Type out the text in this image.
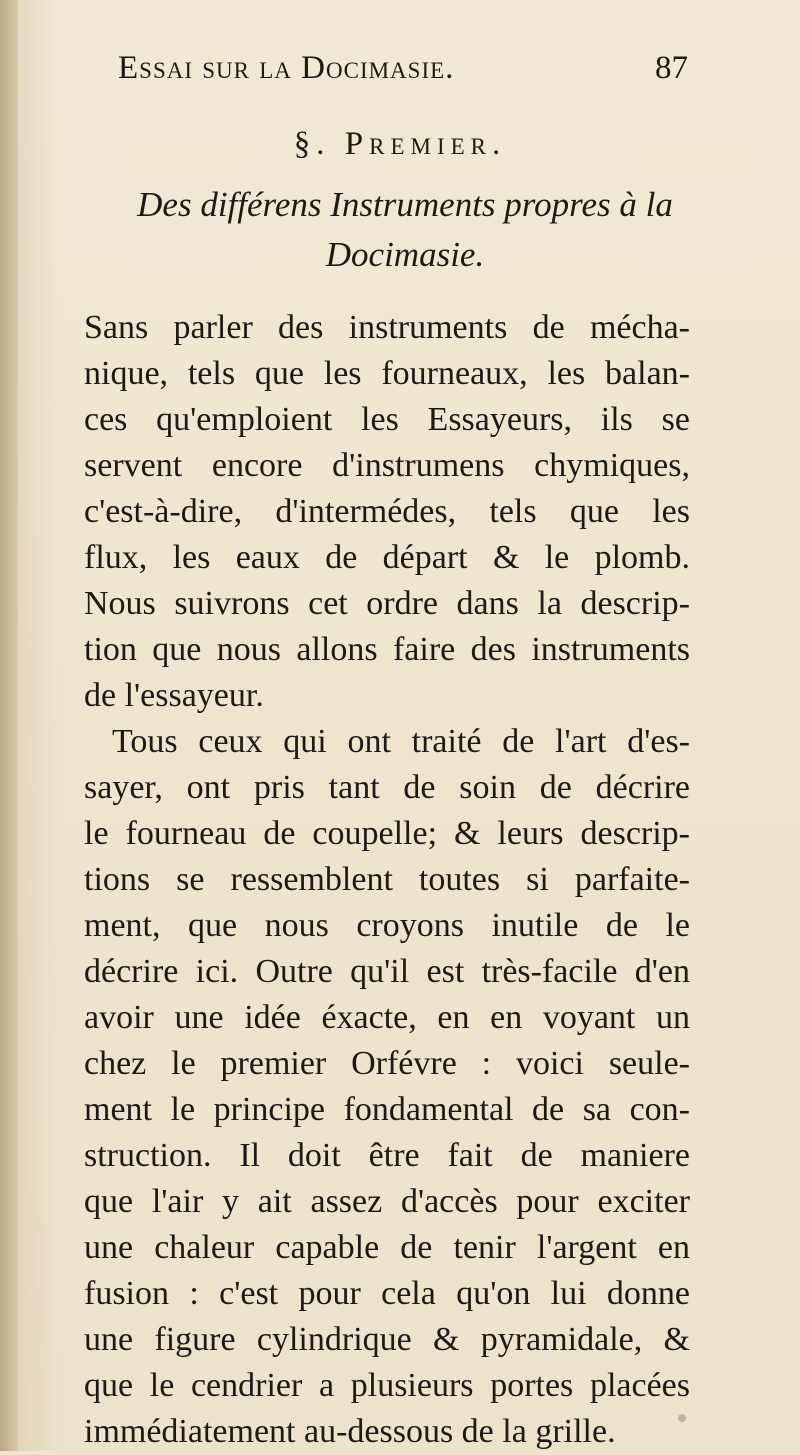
Essai sur la Docimasie.	87
§. Premier.
Des différens Instruments propres à la
Docimasie.
Sans parler des instruments de mécha-
nique, tels que les fourneaux, les balan-
ces qu'emploient les Essayeurs, ils se
servent encore d'instrumens chymiques,
c'est-à-dire, d'intermédes, tels que les
flux, les eaux de départ & le plomb.
Nous suivrons cet ordre dans la descrip-
tion que nous allons faire des instruments
de l'essayeur.
Tous ceux qui ont traité de l'art d'es-
sayer, ont pris tant de soin de décrire
le fourneau de coupelle; & leurs descrip-
tions se ressemblent toutes si parfaite-
ment, que nous croyons inutile de le
décrire ici. Outre qu'il est très-facile d'en
avoir une idée éxacte, en en voyant un
chez le premier Orfévre : voici seule-
ment le principe fondamental de sa con-
struction. Il doit être fait de maniere
que l'air y ait assez d'accès pour exciter
une chaleur capable de tenir l'argent en
fusion : c'est pour cela qu'on lui donne
une figure cylindrique & pyramidale, &
que le cendrier a plusieurs portes placées
immédiatement au-dessous de la grille.
